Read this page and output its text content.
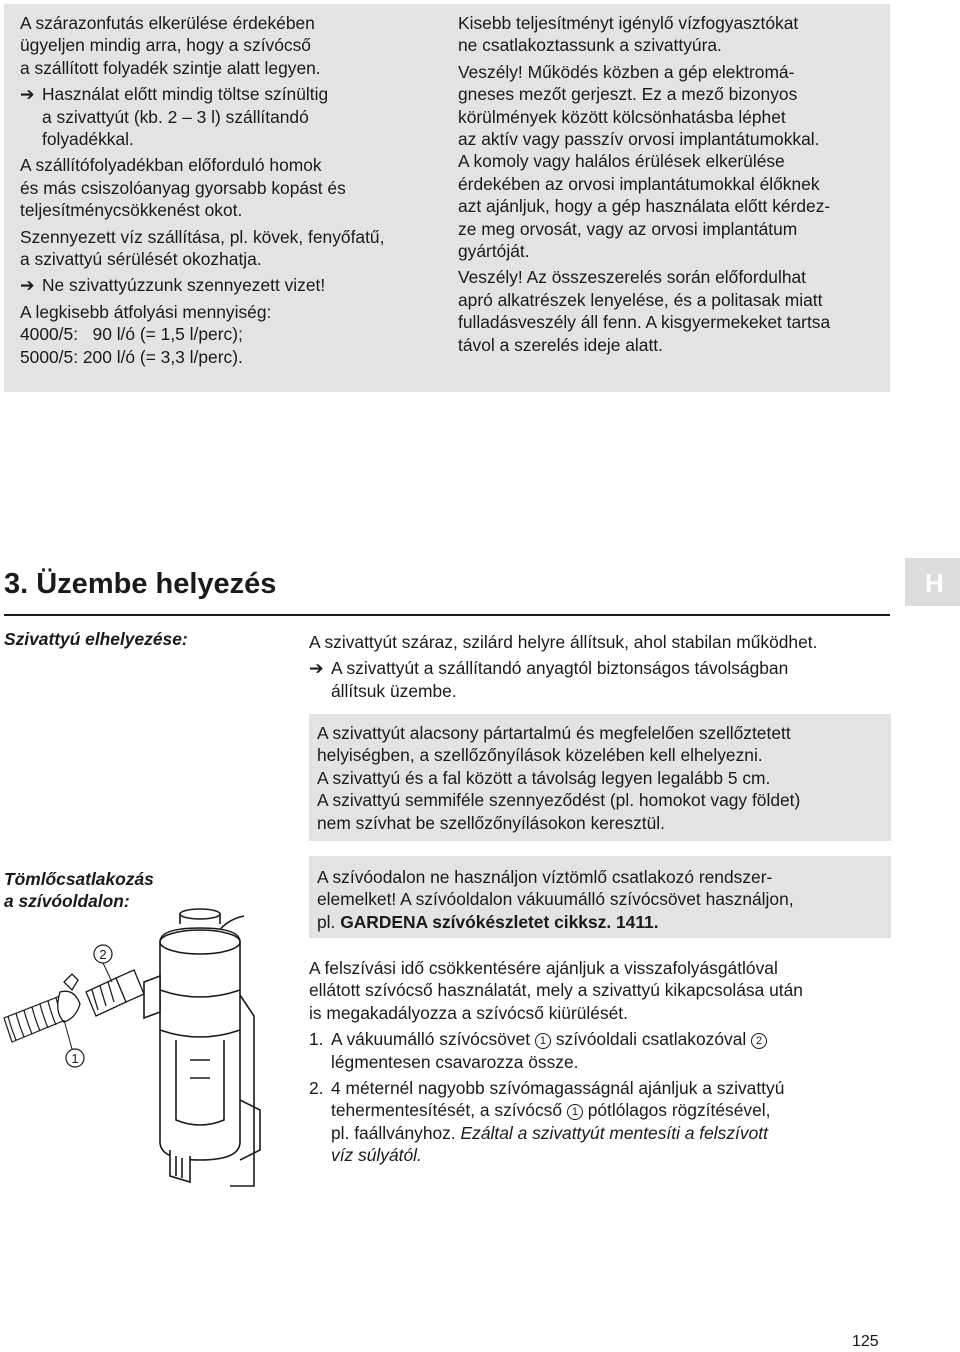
A szárazonfutás elkerülése érdekében
ügyeljen mindig arra, hogy a szívócső
a szállított folyadék szintje alatt legyen.

➔ Használat előtt mindig töltse színültig
a szivattyút (kb. 2 – 3 l) szállítandó
folyadékkal.

A szállítófolyadékban előforduló homok
és más csiszolóanyag gyorsabb kopást és
teljesítménycsökkenést okot.

Szennyezett víz szállítása, pl. kövek, fenyőfatű,
a szivattyú sérülését okozhatja.

➔ Ne szivattyúzzunk szennyezett vizet!

A legkisebb átfolyási mennyiség:
4000/5:   90 l/ó (= 1,5 l/perc);
5000/5: 200 l/ó (= 3,3 l/perc).

Kisebb teljesítményt igénylő vízfogyasztókat
ne csatlakoztassunk a szivattyúra.

Veszély! Működés közben a gép elektromá-
gneses mezőt gerjeszt. Ez a mező bizonyos
körülmények között kölcsönhatásba léphet
az aktív vagy passzív orvosi implantátumokkal.
A komoly vagy halálos érülések elkerülése
érdekében az orvosi implantátumokkal élőknek
azt ajánljuk, hogy a gép használata előtt kérdez-
ze meg orvosát, vagy az orvosi implantátum
gyártóját.

Veszély! Az összeszerelés során előfordulhat
apró alkatrészek lenyelése, és a politasak miatt
fulladásveszély áll fenn. A kisgyermekeket tartsa
távol a szerelés ideje alatt.

3. Üzembe helyezés	H
Szivattyú elhelyezése:	A szivattyút száraz, szilárd helyre állítsuk, ahol stabilan működhet.

➔ A szivattyút a szállítandó anyagtól biztonságos távolságban
állítsuk üzembe.

A szivattyút alacsony pártartalmú és megfelelően szellőztetett
helyiségben, a szellőzőnyílások közelében kell elhelyezni.
A szivattyú és a fal között a távolság legyen legalább 5 cm.
A szivattyú semmiféle szennyeződést (pl. homokot vagy földet)
nem szívhat be szellőzőnyílásokon keresztül.

Tömlőcsatlakozás
a szívóoldalon:

A szívóodalon ne használjon víztömlő csatlakozó rendszer-
elemelket! A szívóoldalon vákuumálló szívócsövet használjon,
pl. GARDENA szívókészletet cikksz. 1411.

A felszívási idő csökkentésére ajánljuk a visszafolyásgátlóval
ellátott szívócső használatát, mely a szivattyú kikapcsolása után
is megakadályozza a szívócső kiürülését.

1. A vákuumálló szívócsövet 1 szívóoldali csatlakozóval 2
légmentesen csavarozza össze.

2. 4 méternél nagyobb szívómagasságnál ajánljuk a szivattyú
tehermentesítését, a szívócső 1 pótlólagos rögzítésével,
pl. faállványhoz. Ezáltal a szivattyút mentesíti a felszívott
víz súlyától.

2
1
125
